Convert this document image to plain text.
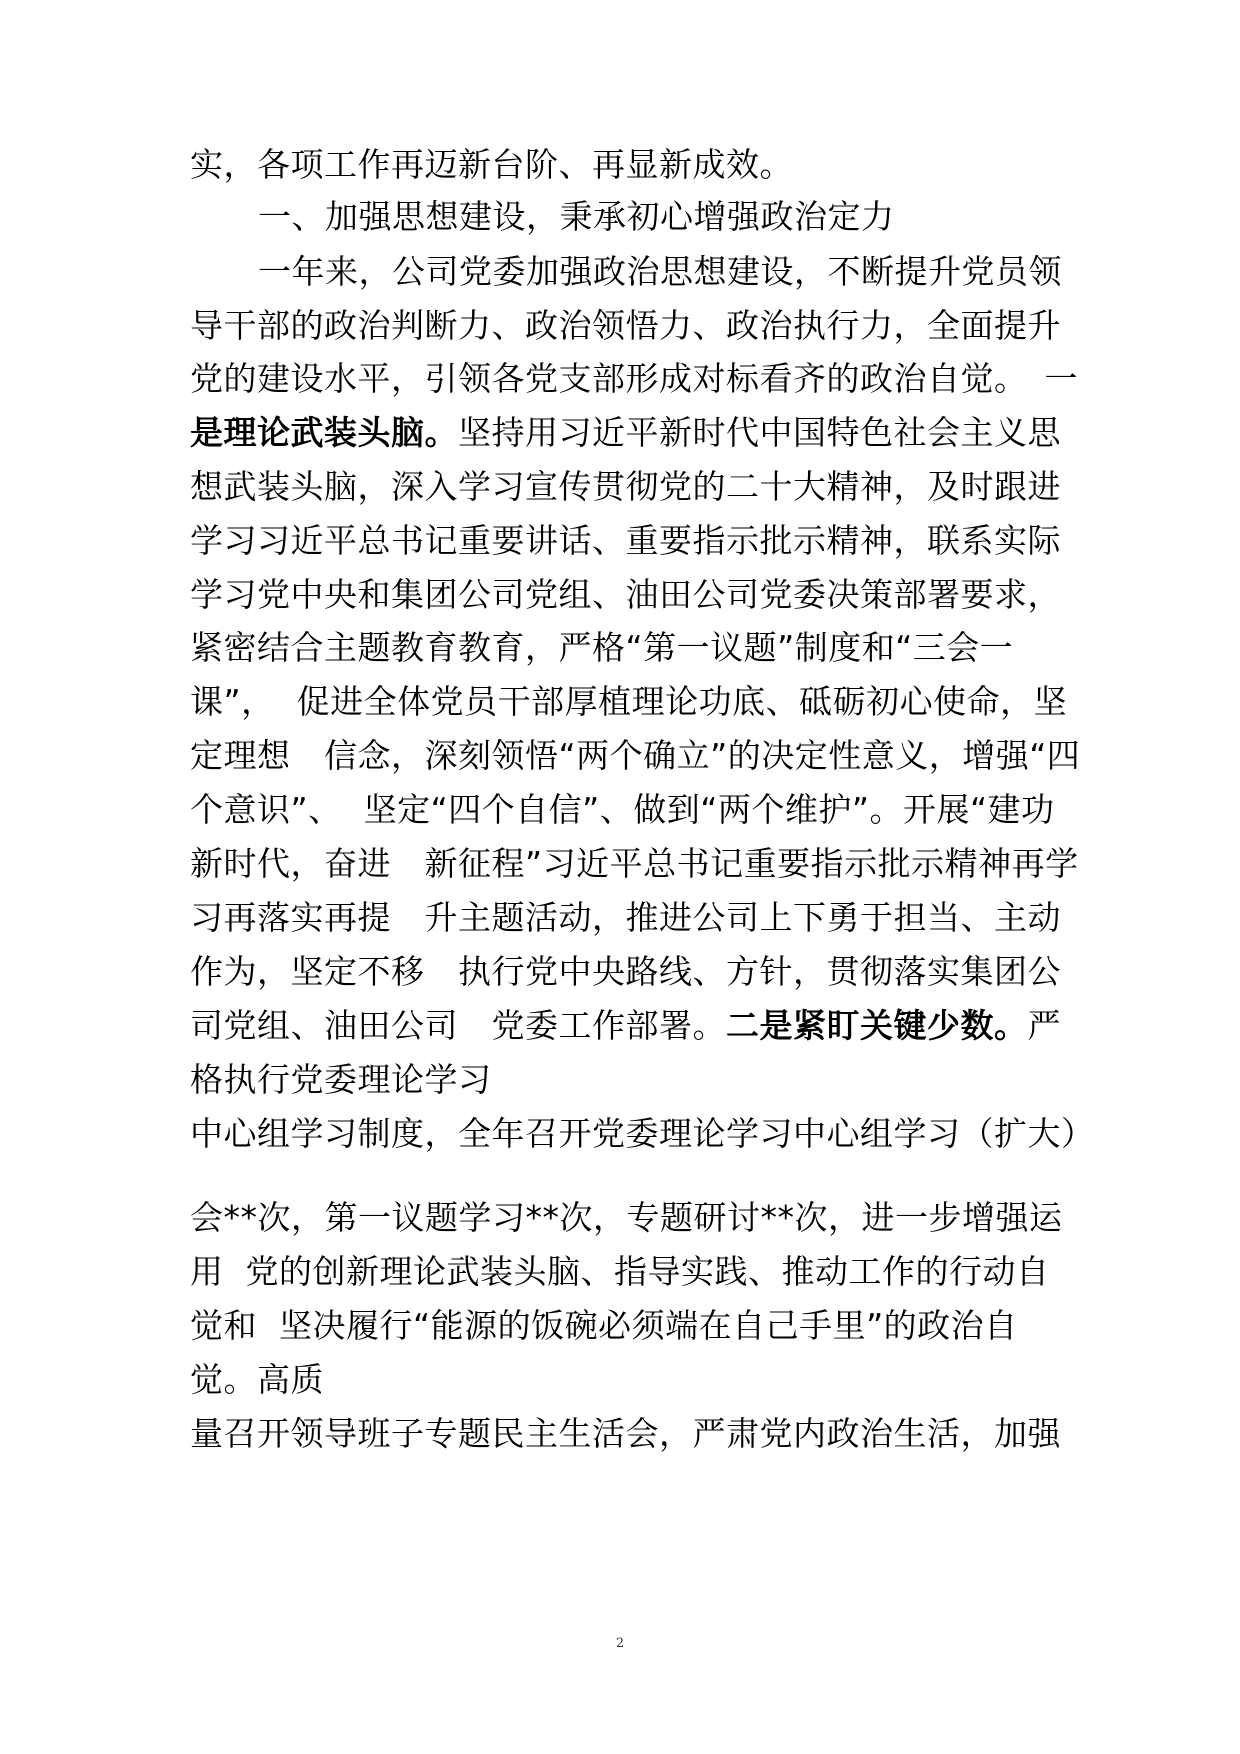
实，各项工作再迈新台阶、再显新成效。

一、加强思想建设，秉承初心增强政治定力

一年来，公司党委加强政治思想建设，不断提升党员领

导干部的政治判断力、政治领悟力、政治执行力，全面提升

党的建设水平，引领各党支部形成对标看齐的政治自觉。　一

是理论武装头脑。坚持用习近平新时代中国特色社会主义思

想武装头脑，深入学习宣传贯彻党的二十大精神，及时跟进

学习习近平总书记重要讲话、重要指示批示精神，联系实际

学习党中央和集团公司党组、油田公司党委决策部署要求，

紧密结合主题教育教育，严格“第一议题”制度和“三会一

课”，  促进全体党员干部厚植理论功底、砥砺初心使命，坚

定理想　信念，深刻领悟“两个确立”的决定性意义，增强“四

个意识”、  坚定“四个自信”、做到“两个维护”。开展“建功

新时代，奋进　新征程”习近平总书记重要指示批示精神再学

习再落实再提　升主题活动，推进公司上下勇于担当、主动

作为，坚定不移　执行党中央路线、方针，贯彻落实集团公

司党组、油田公司　党委工作部署。二是紧盯关键少数。严

格执行党委理论学习

中心组学习制度，全年召开党委理论学习中心组学习（扩大）

会**次，第一议题学习**次，专题研讨**次，进一步增强运

用  党的创新理论武装头脑、指导实践、推动工作的行动自

觉和  坚决履行“能源的饭碗必须端在自己手里”的政治自

觉。高质

量召开领导班子专题民主生活会，严肃党内政治生活，加强

2
